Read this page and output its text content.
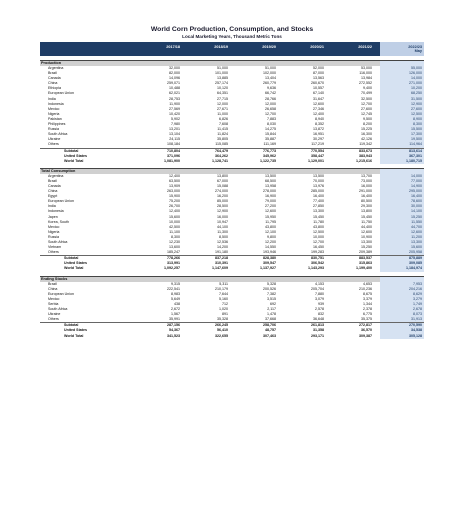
World Corn Production, Consumption, and Stocks
Local Marketing Years, Thousand Metric Tons
2017/18	2018/19	2019/20	2020/21	2021/22	2022/23
May
Production
Argentina	32,000	51,000	51,000	52,000	53,000	55,000
Brazil	82,000	101,000	102,000	87,000	116,000	126,000
Canada	14,096	13,885	13,404	13,563	13,984	14,000
China	259,071	257,174	260,779	260,670	272,552	271,000
Ethiopia	10,488	10,120	9,636	10,557	9,400	10,200
European Union	62,021	64,351	66,742	67,140	70,499	68,250
India	28,753	27,715	28,766	31,647	32,500	31,500
Indonesia	11,900	12,000	12,000	12,600	12,700	12,900
Mexico	27,569	27,671	26,658	27,346	27,600	27,600
Nigeria	10,420	11,000	12,700	12,400	12,745	12,500
Pakistan	5,902	6,826	7,883	8,940	9,500	8,900
Philippines	7,980	7,608	8,030	8,352	8,200	8,300
Russia	13,201	11,415	14,275	13,872	15,225	15,500
South Africa	13,104	11,824	15,844	16,951	16,300	17,300
Ukraine	24,115	35,805	35,887	30,297	42,126	19,500
Others	108,184	115,085	111,169	117,219	119,342	114,964
Subtotal	710,804	764,479	776,773	770,554	833,673	813,614
United States	371,096	364,262	345,962	358,447	383,943	367,301
World Total	1,081,900	1,128,741	1,122,735	1,129,001	1,215,616	1,180,715
Total Consumption
Argentina	12,400	13,800	13,500	13,500	13,700	14,000
Brazil	63,500	67,000	68,500	70,000	73,000	77,000
Canada	13,909	15,088	13,958	13,976	16,000	14,900
China	263,000	274,000	278,000	285,000	291,000	295,000
Egypt	15,900	16,200	16,900	16,400	16,400	16,400
European Union	75,200	85,000	79,000	77,400	80,500	78,600
India	26,700	28,500	27,200	27,850	29,300	30,000
Indonesia	12,400	12,900	12,600	13,300	13,800	14,100
Japen	15,600	16,000	15,950	15,450	15,450	15,250
Korea, South	10,000	10,947	11,795	11,780	11,750	11,550
Mexico	42,500	44,100	43,800	43,800	44,400	44,700
Nigeria	11,100	11,300	12,100	12,500	12,600	12,600
Russia	8,300	8,500	9,800	10,000	10,900	11,200
South Africa	12,230	12,536	12,200	12,700	13,300	13,300
Vietnam	13,600	14,200	14,550	16,450	15,250	15,600
Others	185,247	191,180	193,946	199,283	209,389	205,958
Subtotal	778,266	837,218	828,380	830,751	883,537	875,889
United States	313,991	310,391	309,547	306,542	315,863	309,085
World Total	1,092,257	1,147,609	1,137,927	1,143,293	1,199,400	1,184,974
Ending Stocks
Brazil	9,315	5,311	5,328	4,153	4,653	7,953
China	222,541	210,179	200,526	205,704	210,236	204,216
European Union	8,983	7,644	7,382	7,880	8,675	8,629
Mexico	5,649	5,160	3,515	3,079	3,379	3,279
Serbia	438	712	692	939	1,344	1,749
South Africa	2,672	1,020	2,117	2,578	2,378	2,678
Ukraine	1,567	891	1,478	832	6,775	8,073
Others	35,991	35,328	37,668	36,648	35,375	31,913
Subtotal	287,156	266,245	258,706	261,813	272,817	270,590
United States	54,367	56,410	48,757	31,358	36,570	34,538
World Total	341,523	322,655	307,463	293,171	309,387	305,128
